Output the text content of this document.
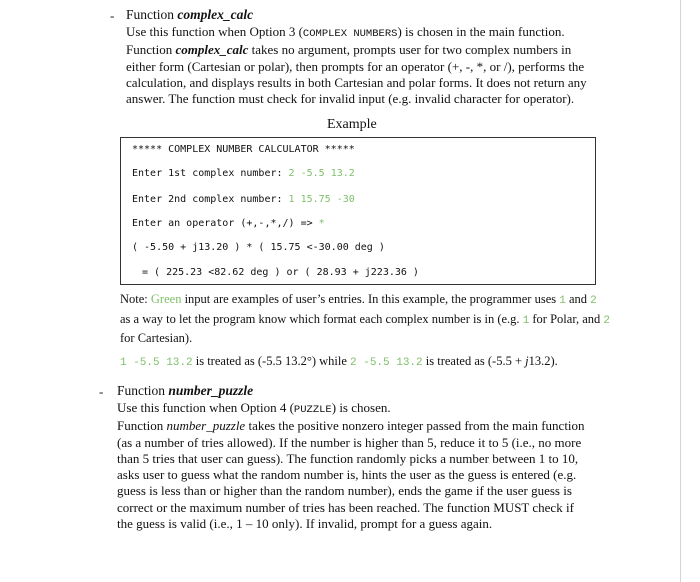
- Function complex_calc
Use this function when Option 3 (COMPLEX NUMBERS) is chosen in the main function.
Function complex_calc takes no argument, prompts user for two complex numbers in
either form (Cartesian or polar), then prompts for an operator (+, -, *, or /), performs the
calculation, and displays results in both Cartesian and polar forms. It does not return any
answer. The function must check for invalid input (e.g. invalid character for operator).
Example
***** COMPLEX NUMBER CALCULATOR *****
Enter 1st complex number: 2 -5.5 13.2
Enter 2nd complex number: 1 15.75 -30
Enter an operator (+,-,*,/) => *
( -5.50 + j13.20 ) * ( 15.75 <-30.00 deg )
= ( 225.23 <82.62 deg ) or ( 28.93 + j223.36 )
Note: Green input are examples of user’s entries. In this example, the programmer uses 1 and 2 as a way to let the program know which format each complex number is in (e.g. 1 for Polar, and 2 for Cartesian).
1 -5.5 13.2 is treated as (-5.5 13.2°) while 2 -5.5 13.2 is treated as (-5.5 + j13.2).
- Function number_puzzle
Use this function when Option 4 (PUZZLE) is chosen.
Function number_puzzle takes the positive nonzero integer passed from the main function
(as a number of tries allowed). If the number is higher than 5, reduce it to 5 (i.e., no more
than 5 tries that user can guess). The function randomly picks a number between 1 to 10,
asks user to guess what the random number is, hints the user as the guess is entered (e.g.
guess is less than or higher than the random number), ends the game if the user guess is
correct or the maximum number of tries has been reached. The function MUST check if
the guess is valid (i.e., 1 – 10 only). If invalid, prompt for a guess again.
